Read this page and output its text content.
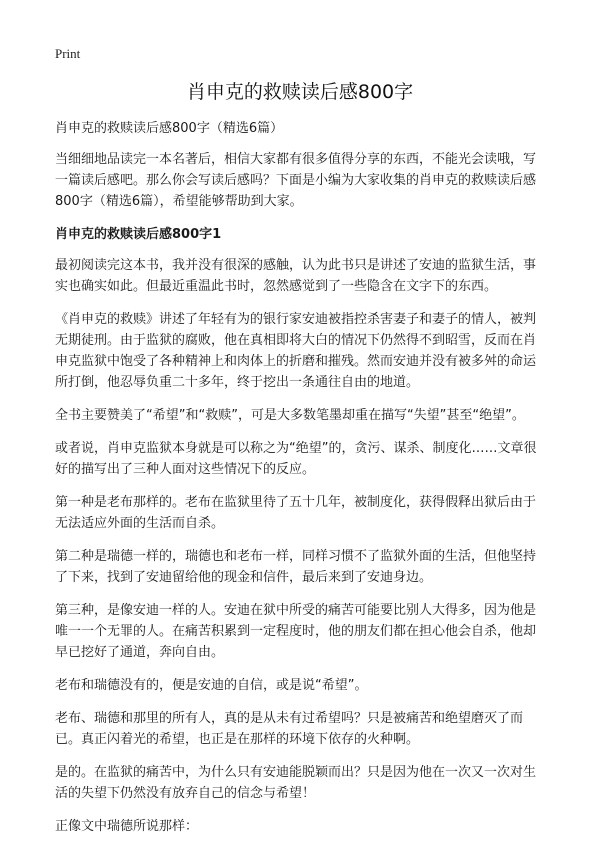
Print
肖申克的救赎读后感800字

肖申克的救赎读后感800字（精选6篇）

当细细地品读完一本名著后，相信大家都有很多值得分享的东西，不能光会读哦，写一篇读后感吧。那么你会写读后感吗？下面是小编为大家收集的肖申克的救赎读后感800字（精选6篇），希望能够帮助到大家。

肖申克的救赎读后感800字1

最初阅读完这本书，我并没有很深的感触，认为此书只是讲述了安迪的监狱生活，事实也确实如此。但最近重温此书时，忽然感觉到了一些隐含在文字下的东西。

《肖申克的救赎》讲述了年轻有为的银行家安迪被指控杀害妻子和妻子的情人，被判无期徒刑。由于监狱的腐败，他在真相即将大白的情况下仍然得不到昭雪，反而在肖申克监狱中饱受了各种精神上和肉体上的折磨和摧残。然而安迪并没有被多舛的命运所打倒，他忍辱负重二十多年，终于挖出一条通往自由的地道。

全书主要赞美了“希望”和“救赎”，可是大多数笔墨却重在描写“失望”甚至“绝望”。

或者说，肖申克监狱本身就是可以称之为“绝望”的，贪污、谋杀、制度化……文章很好的描写出了三种人面对这些情况下的反应。

第一种是老布那样的。老布在监狱里待了五十几年，被制度化，获得假释出狱后由于无法适应外面的生活而自杀。

第二种是瑞德一样的，瑞德也和老布一样，同样习惯不了监狱外面的生活，但他坚持了下来，找到了安迪留给他的现金和信件，最后来到了安迪身边。

第三种，是像安迪一样的人。安迪在狱中所受的痛苦可能要比别人大得多，因为他是唯一一个无罪的人。在痛苦积累到一定程度时，他的朋友们都在担心他会自杀，他却早已挖好了通道，奔向自由。

老布和瑞德没有的，便是安迪的自信，或是说“希望”。

老布、瑞德和那里的所有人，真的是从未有过希望吗？只是被痛苦和绝望磨灭了而已。真正闪着光的希望，也正是在那样的环境下依存的火种啊。

是的。在监狱的痛苦中，为什么只有安迪能脱颖而出？只是因为他在一次又一次对生活的失望下仍然没有放弃自己的信念与希望！

正像文中瑞德所说那样：
